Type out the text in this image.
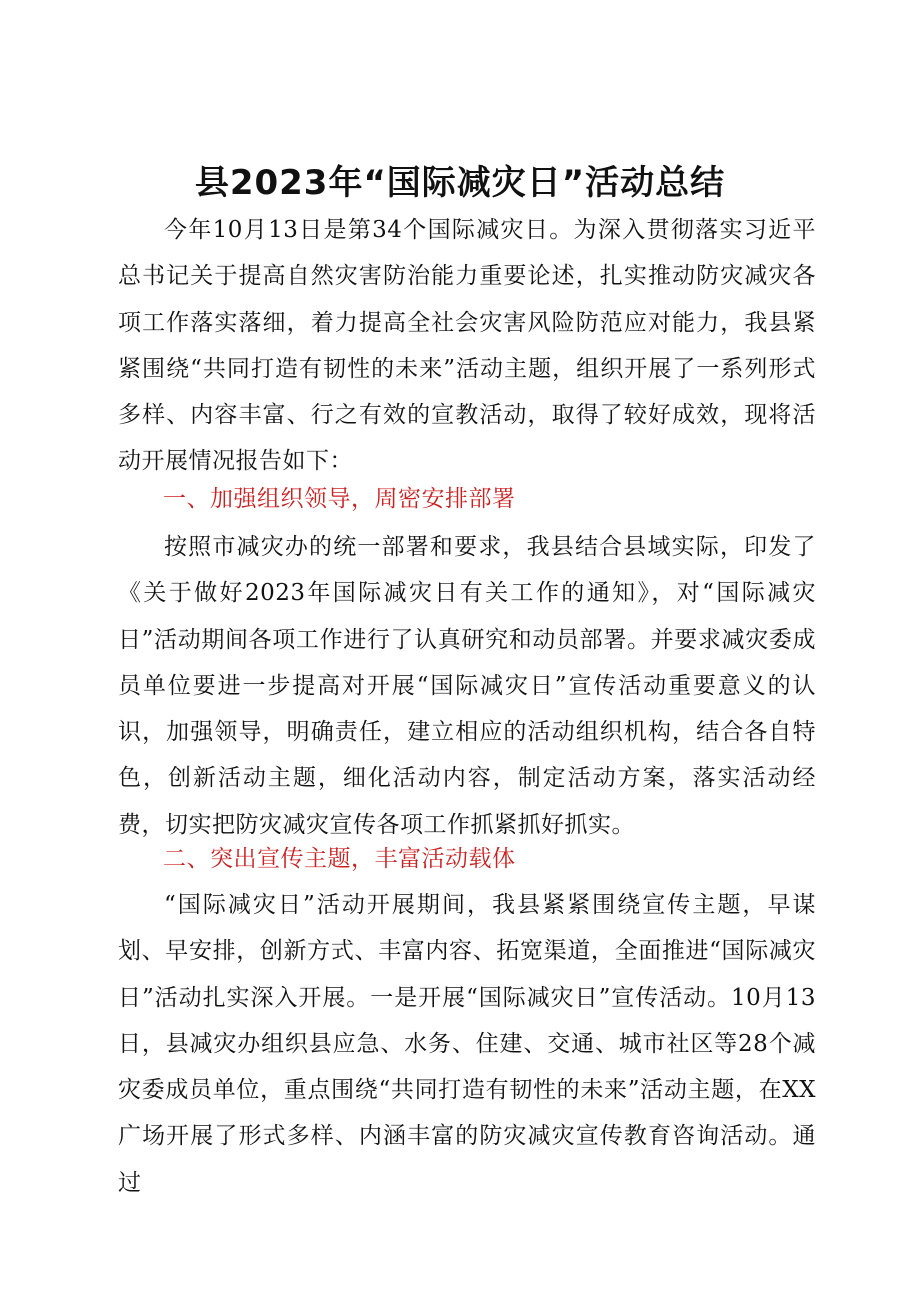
县2023年“国际减灾日”活动总结

今年10月13日是第34个国际减灾日。为深入贯彻落实习近平总书记关于提高自然灾害防治能力重要论述，扎实推动防灾减灾各项工作落实落细，着力提高全社会灾害风险防范应对能力，我县紧紧围绕“共同打造有韧性的未来”活动主题，组织开展了一系列形式多样、内容丰富、行之有效的宣教活动，取得了较好成效，现将活动开展情况报告如下：

一、加强组织领导，周密安排部署

按照市减灾办的统一部署和要求，我县结合县域实际，印发了《关于做好2023年国际减灾日有关工作的通知》，对“国际减灾日”活动期间各项工作进行了认真研究和动员部署。并要求减灾委成员单位要进一步提高对开展“国际减灾日”宣传活动重要意义的认识，加强领导，明确责任，建立相应的活动组织机构，结合各自特色，创新活动主题，细化活动内容，制定活动方案，落实活动经费，切实把防灾减灾宣传各项工作抓紧抓好抓实。

二、突出宣传主题，丰富活动载体

“国际减灾日”活动开展期间，我县紧紧围绕宣传主题，早谋划、早安排，创新方式、丰富内容、拓宽渠道，全面推进“国际减灾日”活动扎实深入开展。一是开展“国际减灾日”宣传活动。10月13日，县减灾办组织县应急、水务、住建、交通、城市社区等28个减灾委成员单位，重点围绕“共同打造有韧性的未来”活动主题，在XX广场开展了形式多样、内涵丰富的防灾减灾宣传教育咨询活动。通过
